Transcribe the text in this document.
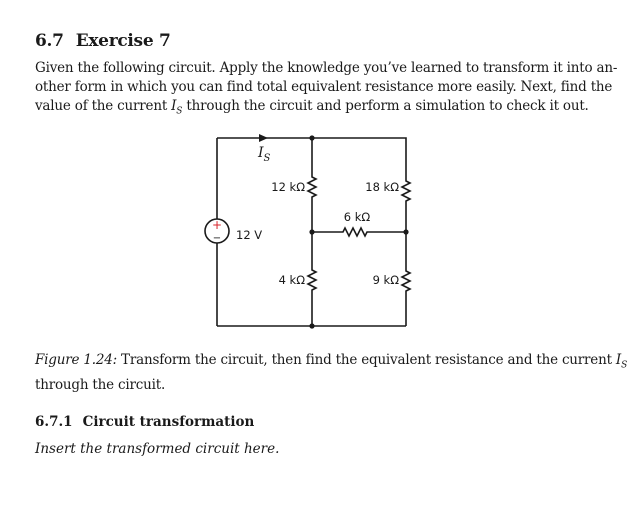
6.7 Exercise 7

Given the following circuit. Apply the knowledge you’ve learned to transform it into an-
other form in which you can find total equivalent resistance more easily. Next, find the
value of the current $I_S$ through the circuit and perform a simulation to check it out.

$I_S$
+
− 12 V
12 kΩ	18 kΩ
6 kΩ
4 kΩ	9 kΩ

Figure 1.24: Transform the circuit, then find the equivalent resistance and the current $I_S$
through the circuit.

6.7.1 Circuit transformation

Insert the transformed circuit here.
